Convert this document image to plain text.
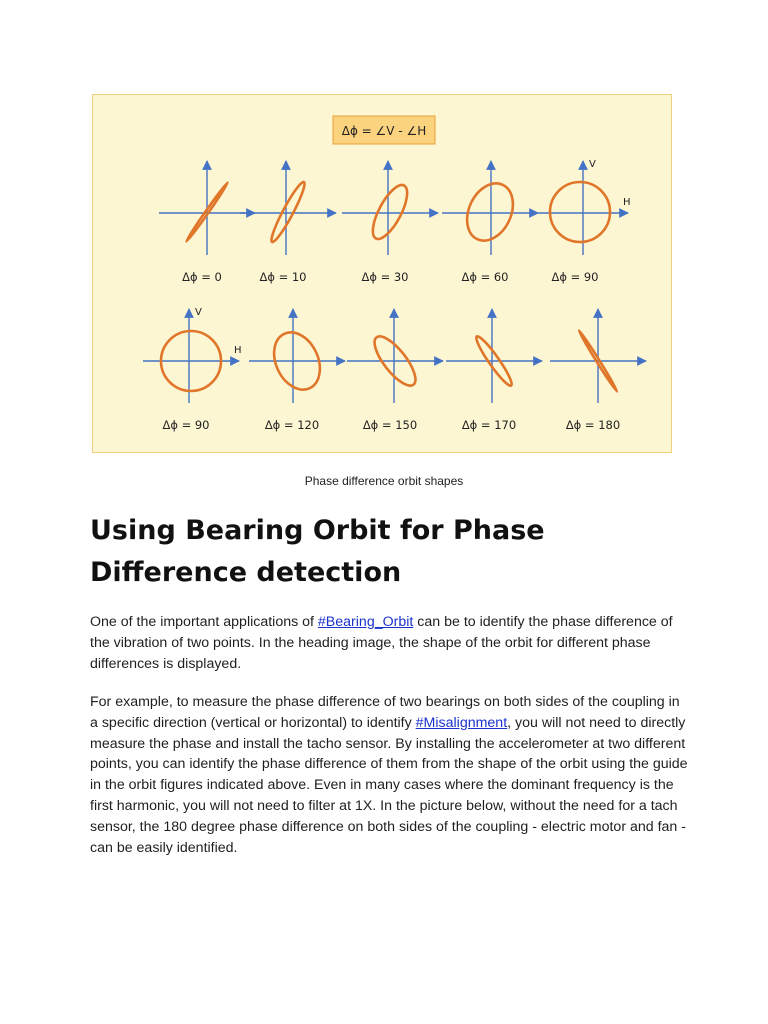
Δϕ = ∠V - ∠H
Δϕ = 0	Δϕ = 10	Δϕ = 30	Δϕ = 60	Δϕ = 90
V
H
Δϕ = 90
V
H
Δϕ = 120	Δϕ = 150	Δϕ = 170	Δϕ = 180
Phase difference orbit shapes
Using Bearing Orbit for Phase Difference detection

One of the important applications of #Bearing_Orbit can be to identify the phase difference of the vibration of two points. In the heading image, the shape of the orbit for different phase differences is displayed.

For example, to measure the phase difference of two bearings on both sides of the coupling in a specific direction (vertical or horizontal) to identify #Misalignment, you will not need to directly measure the phase and install the tacho sensor. By installing the accelerometer at two different points, you can identify the phase difference of them from the shape of the orbit using the guide in the orbit figures indicated above. Even in many cases where the dominant frequency is the first harmonic, you will not need to filter at 1X. In the picture below, without the need for a tach sensor, the 180 degree phase difference on both sides of the coupling - electric motor and fan - can be easily identified.
